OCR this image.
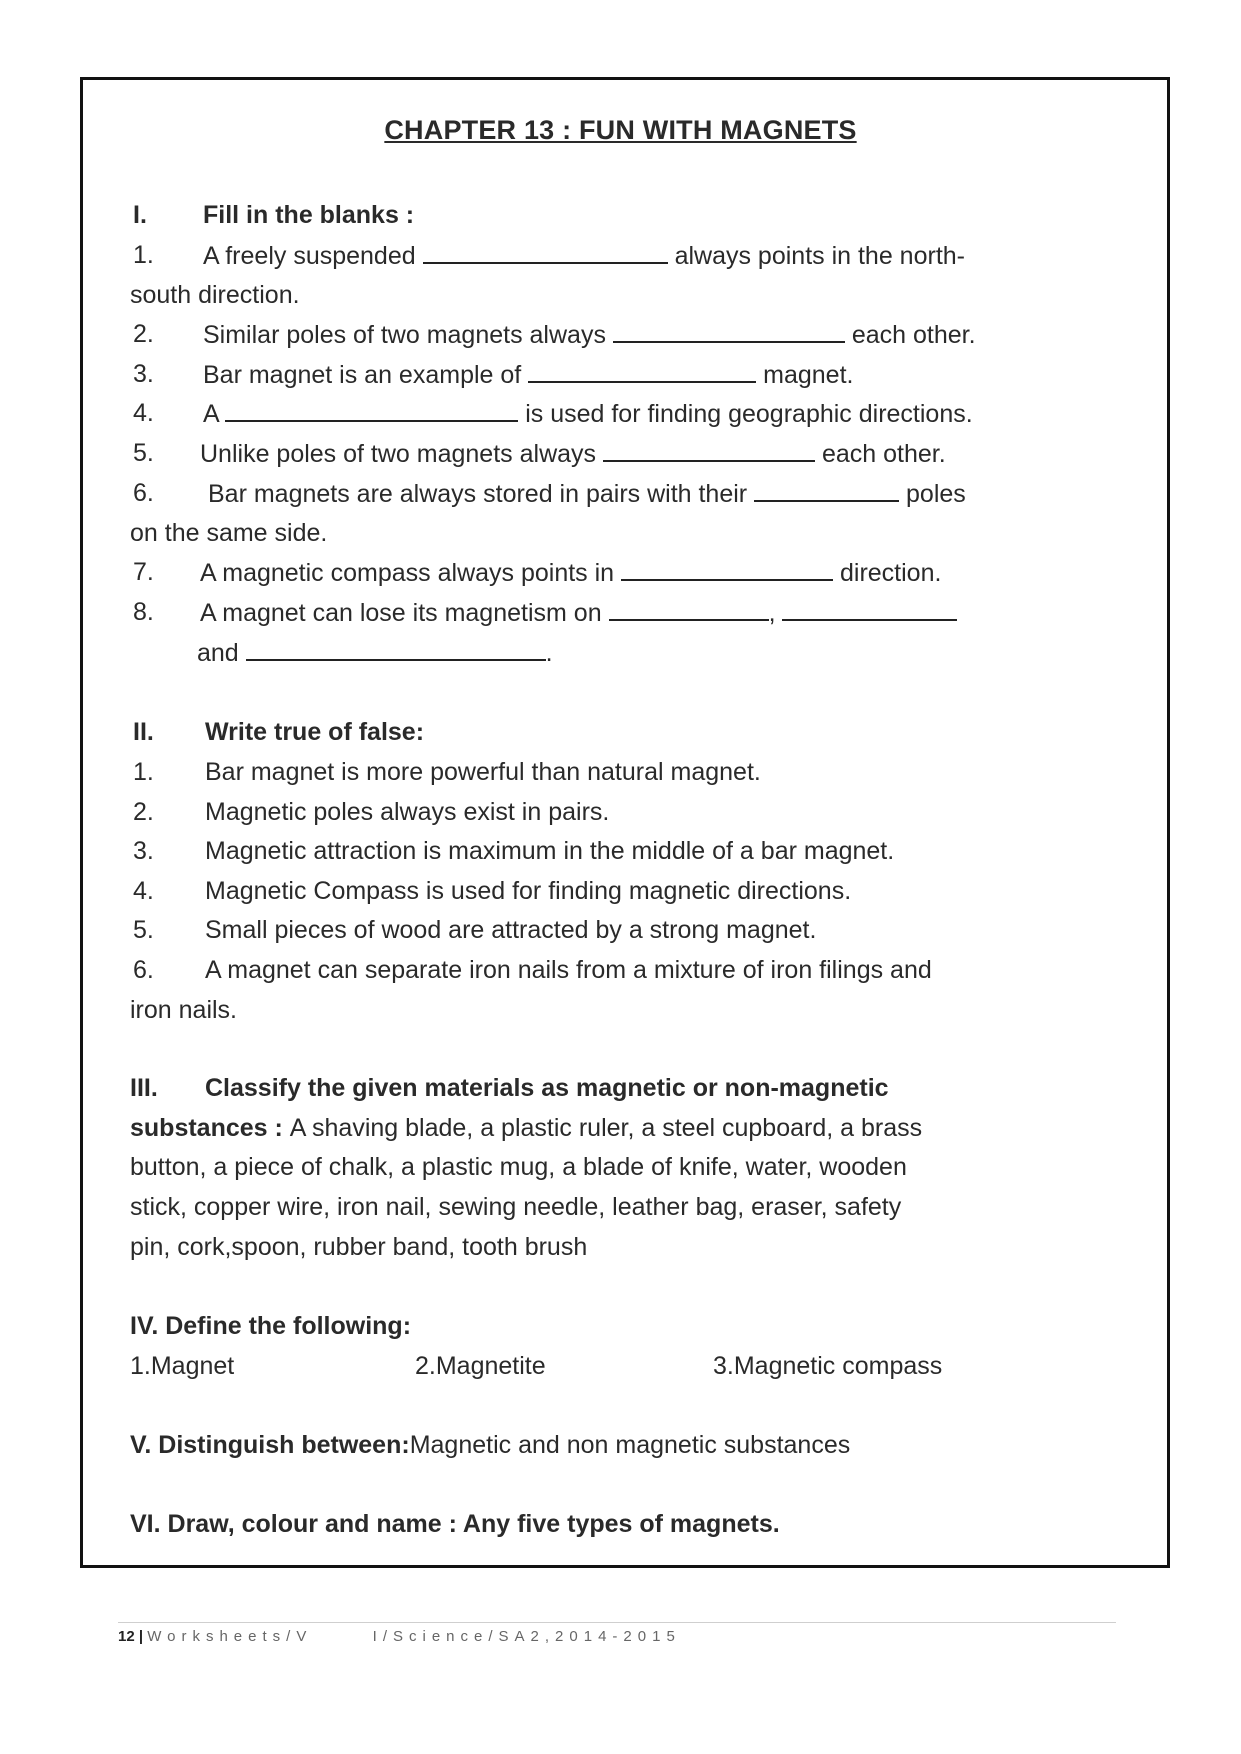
CHAPTER 13 : FUN WITH MAGNETS
I. Fill in the blanks :
1. A freely suspended	always points in the north-
south direction.
2. Similar poles of two magnets always	each other.
3. Bar magnet is an example of	magnet.
4. A	is used for finding geographic directions.
5. Unlike poles of two magnets always	each other.
6. Bar magnets are always stored in pairs with their	poles
on the same side.
7. A magnetic compass always points in	direction.
8. A magnet can lose its magnetism on	,
and	.
II. Write true of false:
1. Bar magnet is more powerful than natural magnet.
2. Magnetic poles always exist in pairs.
3. Magnetic attraction is maximum in the middle of a bar magnet.
4. Magnetic Compass is used for finding magnetic directions.
5. Small pieces of wood are attracted by a strong magnet.
6. A magnet can separate iron nails from a mixture of iron filings and
iron nails.
III. Classify the given materials as magnetic or non-magnetic
substances : A shaving blade, a plastic ruler, a steel cupboard, a brass
button, a piece of chalk, a plastic mug, a blade of knife, water, wooden
stick, copper wire, iron nail, sewing needle, leather bag, eraser, safety
pin, cork,spoon, rubber band, tooth brush
IV. Define the following:
1.Magnet	2.Magnetite	3.Magnetic compass
V. Distinguish between:Magnetic and non magnetic substances
VI. Draw, colour and name : Any five types of magnets.
12 | Worksheets/V	I/Science/SA2,2014-2015
